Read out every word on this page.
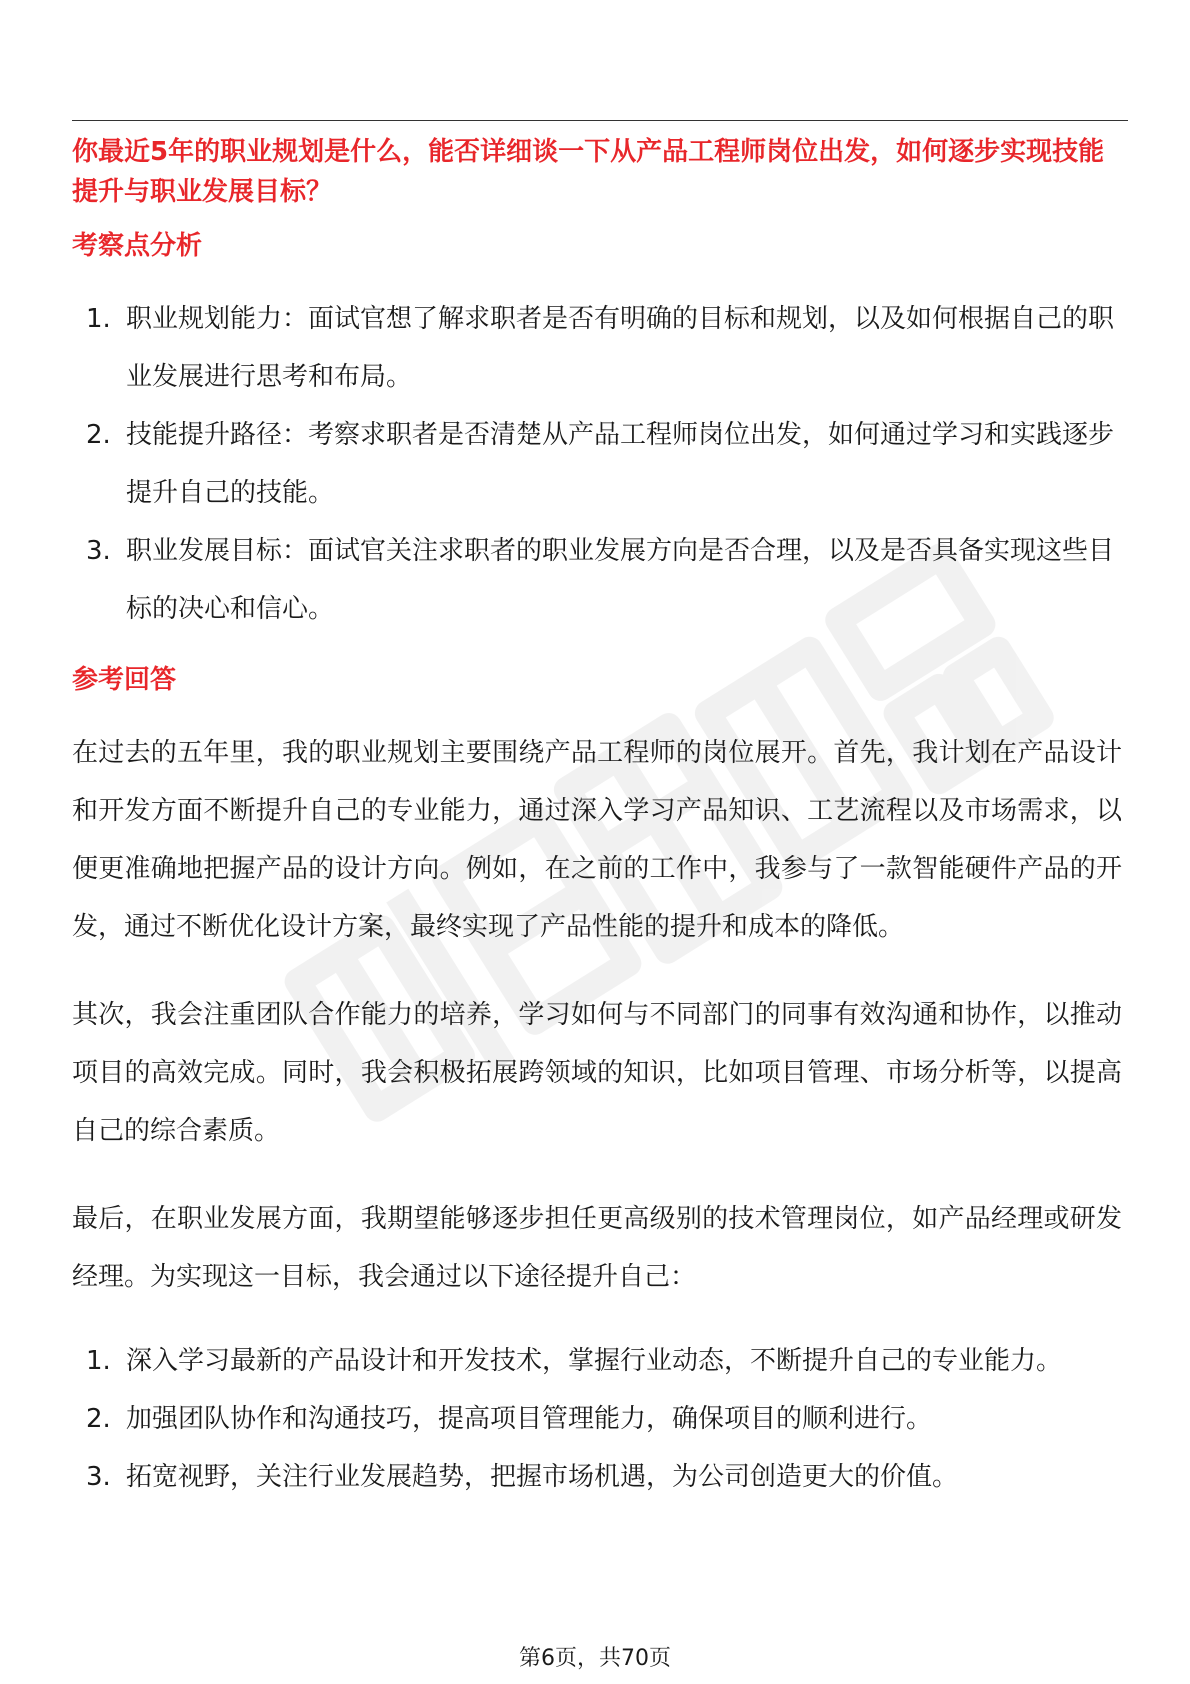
你最近5年的职业规划是什么，能否详细谈一下从产品工程师岗位出发，如何逐步实现技能提升与职业发展目标？

考察点分析
1. 职业规划能力：面试官想了解求职者是否有明确的目标和规划，以及如何根据自己的职业发展进行思考和布局。
2. 技能提升路径：考察求职者是否清楚从产品工程师岗位出发，如何通过学习和实践逐步提升自己的技能。
3. 职业发展目标：面试官关注求职者的职业发展方向是否合理，以及是否具备实现这些目标的决心和信心。
参考回答

在过去的五年里，我的职业规划主要围绕产品工程师的岗位展开。首先，我计划在产品设计和开发方面不断提升自己的专业能力，通过深入学习产品知识、工艺流程以及市场需求，以便更准确地把握产品的设计方向。例如，在之前的工作中，我参与了一款智能硬件产品的开发，通过不断优化设计方案，最终实现了产品性能的提升和成本的降低。

其次，我会注重团队合作能力的培养，学习如何与不同部门的同事有效沟通和协作，以推动项目的高效完成。同时，我会积极拓展跨领域的知识，比如项目管理、市场分析等，以提高自己的综合素质。

最后，在职业发展方面，我期望能够逐步担任更高级别的技术管理岗位，如产品经理或研发经理。为实现这一目标，我会通过以下途径提升自己：

1. 深入学习最新的产品设计和开发技术，掌握行业动态，不断提升自己的专业能力。
2. 加强团队协作和沟通技巧，提高项目管理能力，确保项目的顺利进行。
3. 拓宽视野，关注行业发展趋势，把握市场机遇，为公司创造更大的价值。
第6页，共70页
